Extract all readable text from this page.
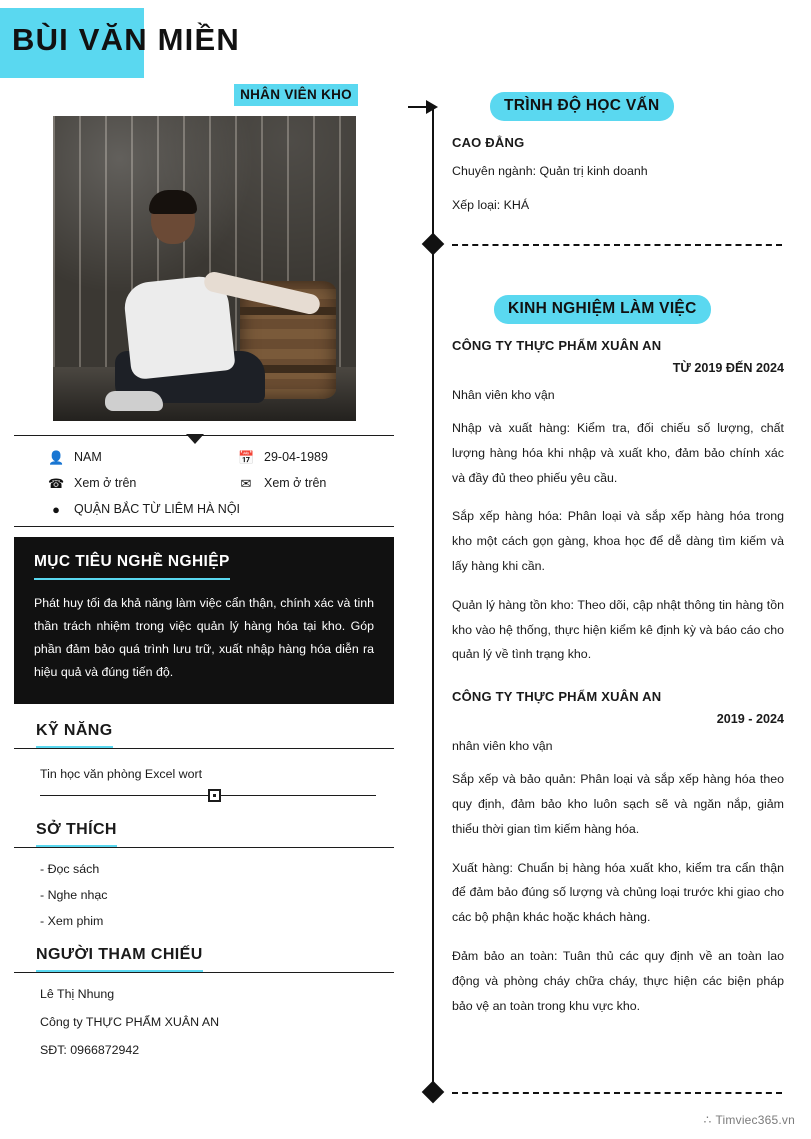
BÙI VĂN MIỀN
NHÂN VIÊN KHO
👤 NAM	📅 29-04-1989
☎ Xem ở trên	✉ Xem ở trên
●	QUẬN BẮC TỪ LIÊM HÀ NỘI
MỤC TIÊU NGHỀ NGHIỆP
Phát huy tối đa khả năng làm việc cẩn thận, chính xác và tinh thần trách nhiệm trong việc quản lý hàng hóa tại kho. Góp phần đảm bảo quá trình lưu trữ, xuất nhập hàng hóa diễn ra hiệu quả và đúng tiến độ.
KỸ NĂNG
Tin học văn phòng Excel wort
SỞ THÍCH
- Đọc sách
- Nghe nhạc
- Xem phim
NGƯỜI THAM CHIẾU
Lê Thị Nhung
Công ty THỰC PHẨM XUÂN AN
SĐT: 0966872942
TRÌNH ĐỘ HỌC VẤN
CAO ĐẲNG
Chuyên ngành: Quản trị kinh doanh
Xếp loại: KHÁ
KINH NGHIỆM LÀM VIỆC
CÔNG TY THỰC PHẨM XUÂN AN
TỪ 2019 ĐẾN 2024
Nhân viên kho vận
Nhập và xuất hàng: Kiểm tra, đối chiếu số lượng, chất lượng hàng hóa khi nhập và xuất kho, đảm bảo chính xác và đầy đủ theo phiếu yêu cầu.
Sắp xếp hàng hóa: Phân loại và sắp xếp hàng hóa trong kho một cách gọn gàng, khoa học để dễ dàng tìm kiếm và lấy hàng khi cần.
Quản lý hàng tồn kho: Theo dõi, cập nhật thông tin hàng tồn kho vào hệ thống, thực hiện kiểm kê định kỳ và báo cáo cho quản lý về tình trạng kho.
CÔNG TY THỰC PHẨM XUÂN AN
2019 - 2024
nhân viên kho vận
Sắp xếp và bảo quản: Phân loại và sắp xếp hàng hóa theo quy định, đảm bảo kho luôn sạch sẽ và ngăn nắp, giảm thiểu thời gian tìm kiếm hàng hóa.
Xuất hàng: Chuẩn bị hàng hóa xuất kho, kiểm tra cẩn thận để đảm bảo đúng số lượng và chủng loại trước khi giao cho các bộ phận khác hoặc khách hàng.
Đảm bảo an toàn: Tuân thủ các quy định về an toàn lao động và phòng cháy chữa cháy, thực hiện các biện pháp bảo vệ an toàn trong khu vực kho.
∴ Timviec365.vn
